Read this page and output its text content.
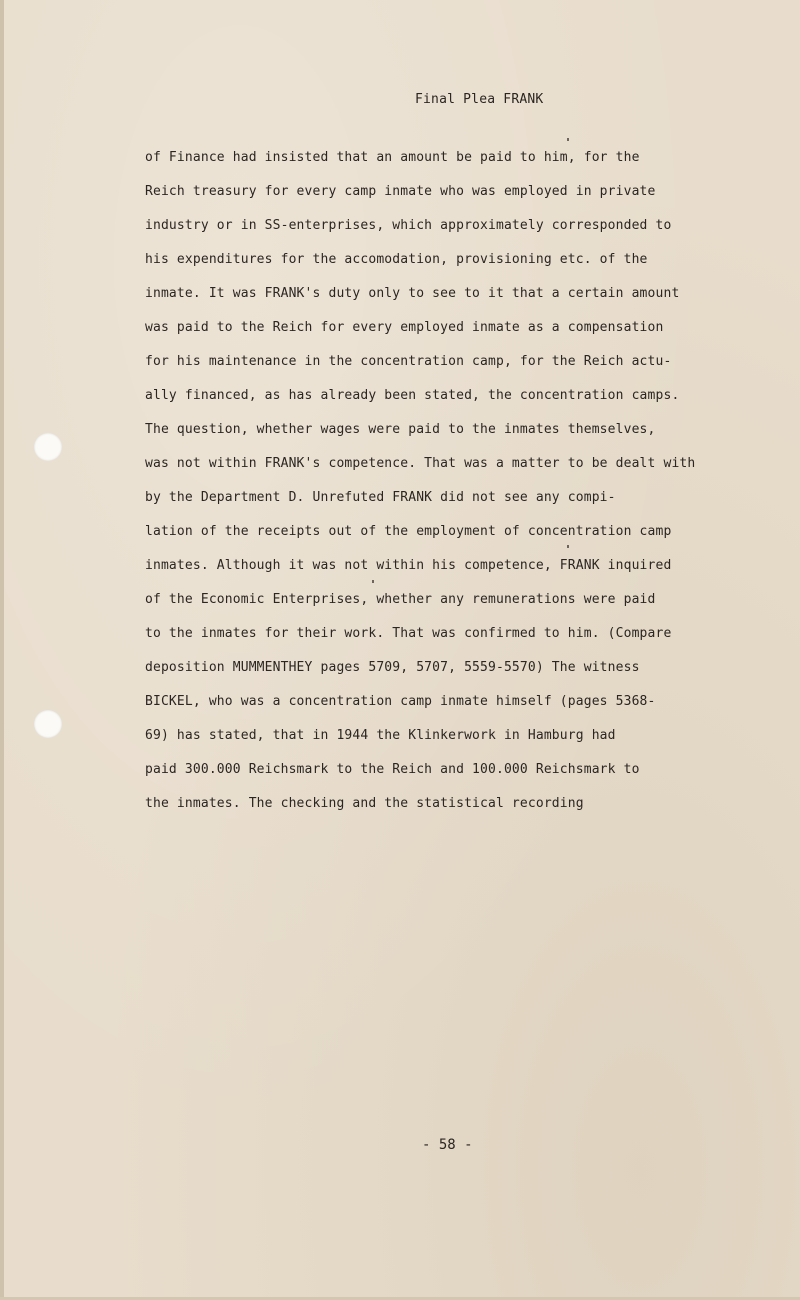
Final Plea FRANK
of Finance had insisted that an amount be paid to him, for the
Reich treasury for every camp inmate who was employed in private
industry or in SS-enterprises, which approximately corresponded to
his expenditures for the accomodation, provisioning etc. of the
inmate. It was FRANK's duty only to see to it that a certain amount
was paid to the Reich for every employed inmate as a compensation
for his maintenance in the concentration camp, for the Reich actu-
ally financed, as has already been stated, the concentration camps.
The question, whether wages were paid to the inmates themselves,
was not within FRANK's competence. That was a matter to be dealt with
by the Department D. Unrefuted FRANK did not see any compi-
lation of the receipts out of the employment of concentration camp
inmates. Although it was not within his competence, FRANK inquired
of the Economic Enterprises, whether any remunerations were paid
to the inmates for their work. That was confirmed to him. (Compare
deposition MUMMENTHEY pages 5709, 5707, 5559-5570) The witness
BICKEL, who was a concentration camp inmate himself (pages 5368-
69) has stated, that in 1944 the Klinkerwork in Hamburg had
paid 300.000 Reichsmark to the Reich and 100.000 Reichsmark to
the inmates. The checking and the statistical recording
- 58 -
